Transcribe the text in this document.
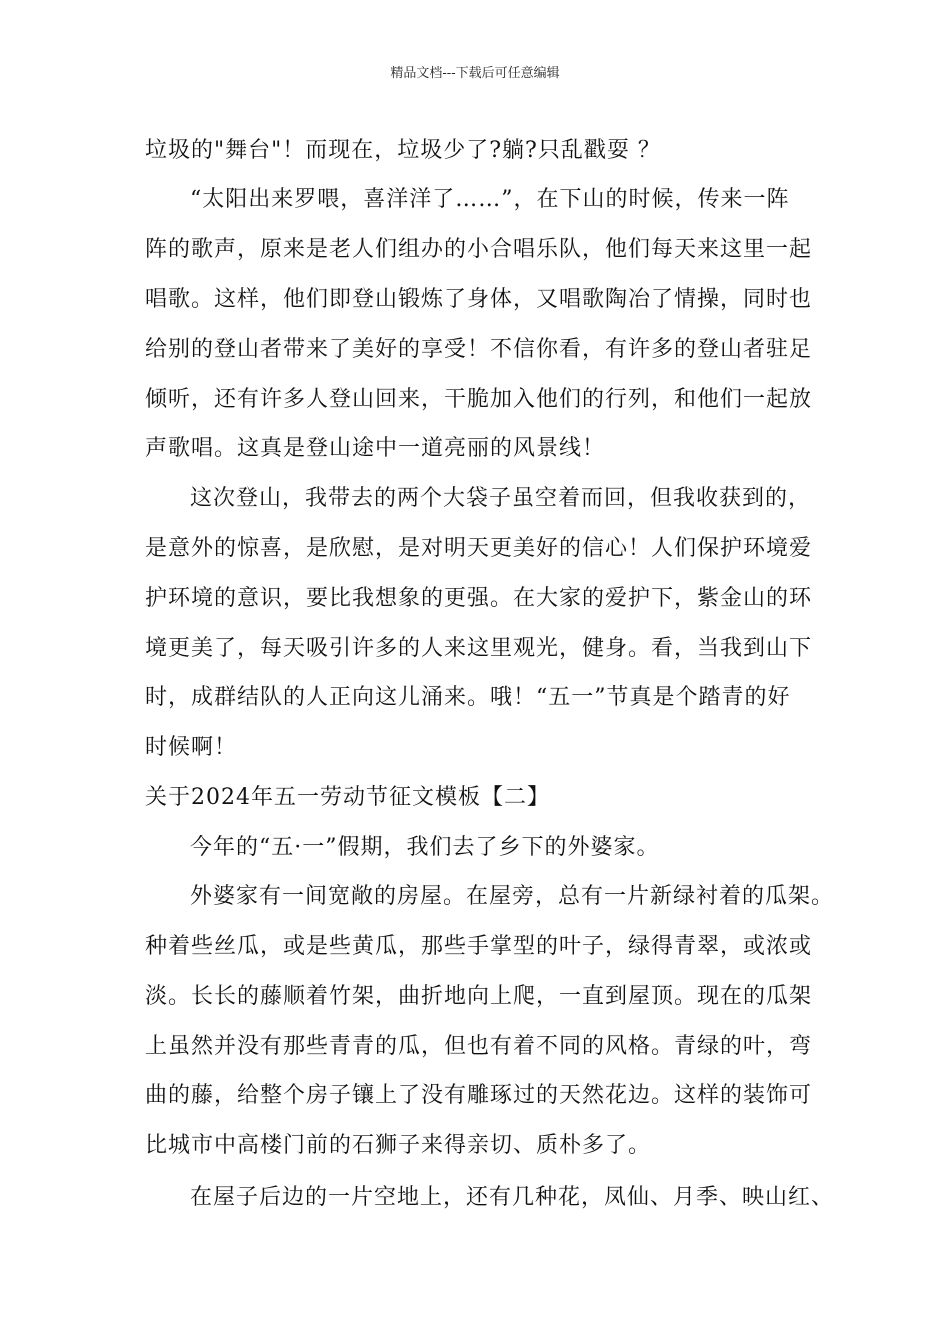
精品文档---下载后可任意编辑
垃圾的"舞台"！而现在，垃圾少了?躺?只乱戳耍 ？
“太阳出来罗喂，喜洋洋了……”，在下山的时候，传来一阵
阵的歌声，原来是老人们组办的小合唱乐队，他们每天来这里一起
唱歌。这样，他们即登山锻炼了身体，又唱歌陶冶了情操，同时也
给别的登山者带来了美好的享受！不信你看，有许多的登山者驻足
倾听，还有许多人登山回来，干脆加入他们的行列，和他们一起放
声歌唱。这真是登山途中一道亮丽的风景线！
这次登山，我带去的两个大袋子虽空着而回，但我收获到的，
是意外的惊喜，是欣慰，是对明天更美好的信心！人们保护环境爱
护环境的意识，要比我想象的更强。在大家的爱护下，紫金山的环
境更美了，每天吸引许多的人来这里观光，健身。看，当我到山下
时，成群结队的人正向这儿涌来。哦！“五一”节真是个踏青的好
时候啊！
关于2024年五一劳动节征文模板【二】
今年的“五·一”假期，我们去了乡下的外婆家。
外婆家有一间宽敞的房屋。在屋旁，总有一片新绿衬着的瓜架。
种着些丝瓜，或是些黄瓜，那些手掌型的叶子，绿得青翠，或浓或
淡。长长的藤顺着竹架，曲折地向上爬，一直到屋顶。现在的瓜架
上虽然并没有那些青青的瓜，但也有着不同的风格。青绿的叶，弯
曲的藤，给整个房子镶上了没有雕琢过的天然花边。这样的装饰可
比城市中高楼门前的石狮子来得亲切、质朴多了。
在屋子后边的一片空地上，还有几种花，凤仙、月季、映山红、
